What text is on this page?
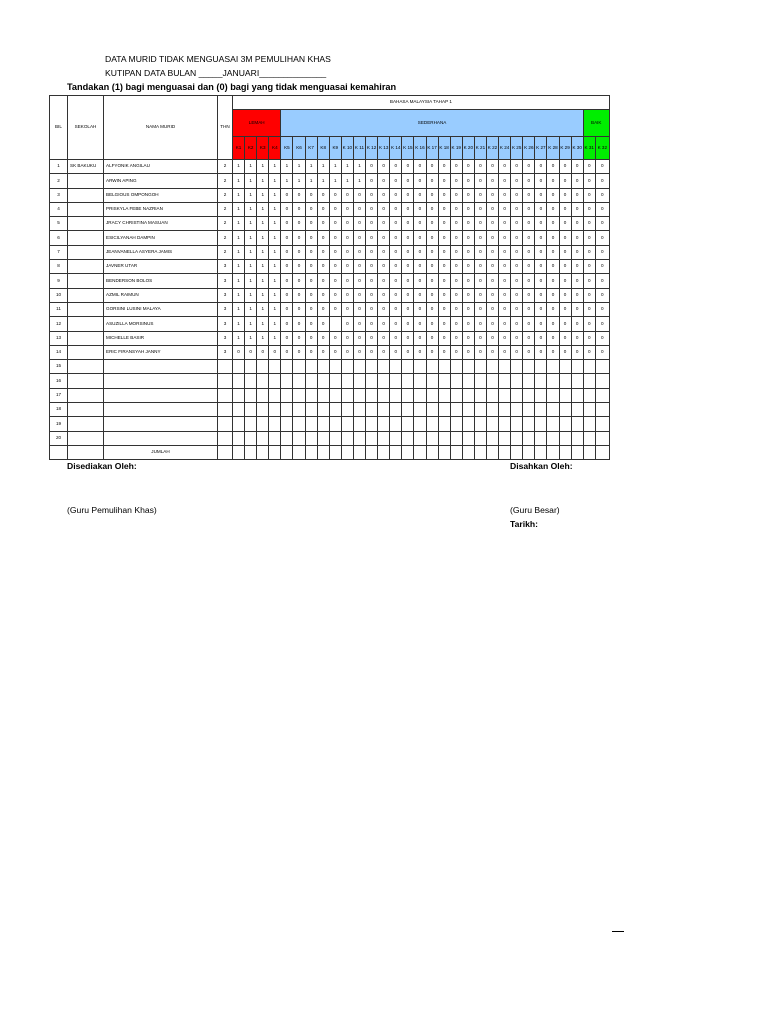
DATA MURID TIDAK MENGUASAI 3M PEMULIHAN KHAS
KUTIPAN DATA BULAN _____JANUARI______________
Tandakan (1) bagi menguasai dan (0) bagi yang tidak menguasai kemahiran
BIL	SEKOLAH	NAMA MURID	THN	BAHASA MALAYSIA TAHAP 1																														
				LEMAH				SEDERHANA																									BAIK	
				K1	K2	K3	K4	K5	K6	K7	K8	K9	K 10	K 11	K 12	K 13	K 14	K 15	K 16	K 17	K 18	K 19	K 20	K 21	K 22	K 24	K 25	K 26	K 27	K 28	K 29	K 30	K 31	K 32
1	SK BAKUKU	ALFYONIK ANGILAU	2	1	1	1	1	1	1	1	1	1	1	1	0	0	0	0	0	0	0	0	0	0	0	0	0	0	0	0	0	0	0	0
2		ARWIN APING	2	1	1	1	1	1	1	1	1	1	1	1	0	0	0	0	0	0	0	0	0	0	0	0	0	0	0	0	0	0	0	0
3		BELGIOUS OMPONGOH	2	1	1	1	1	0	0	0	0	0	0	0	0	0	0	0	0	0	0	0	0	0	0	0	0	0	0	0	0	0	0	0
4		PRISKYLA FEBE NAZRIAN	2	1	1	1	1	0	0	0	0	0	0	0	0	0	0	0	0	0	0	0	0	0	0	0	0	0	0	0	0	0	0	0
5		JRACY CHRISTINA MASUAN	2	1	1	1	1	0	0	0	0	0	0	0	0	0	0	0	0	0	0	0	0	0	0	0	0	0	0	0	0	0	0	0
6		ESICILYANAH DAMPIN	2	1	1	1	1	0	0	0	0	0	0	0	0	0	0	0	0	0	0	0	0	0	0	0	0	0	0	0	0	0	0	0
7		JEANVANELLA ASYERA JAMIS	2	1	1	1	1	0	0	0	0	0	0	0	0	0	0	0	0	0	0	0	0	0	0	0	0	0	0	0	0	0	0	0
8		JAVNER UTAR	3	1	1	1	1	0	0	0	0	0	0	0	0	0	0	0	0	0	0	0	0	0	0	0	0	0	0	0	0	0	0	0
9		BENDERSON BOLOS	3	1	1	1	1	0	0	0	0	0	0	0	0	0	0	0	0	0	0	0	0	0	0	0	0	0	0	0	0	0	0	0
10		AZMIL RAIMUN	3	1	1	1	1	0	0	0	0	0	0	0	0	0	0	0	0	0	0	0	0	0	0	0	0	0	0	0	0	0	0	0
11		GORSINI LUSINI MALAYA	3	1	1	1	1	0	0	0	0	0	0	0	0	0	0	0	0	0	0	0	0	0	0	0	0	0	0	0	0	0	0	0
12		ASUZILLA MORSINUS	3	1	1	1	1	0	0	0	0		0	0	0	0	0	0	0	0	0	0	0	0	0	0	0	0	0	0	0	0	0	0
13		MICHELLE BASIR	3	1	1	1	1	0	0	0	0	0	0	0	0	0	0	0	0	0	0	0	0	0	0	0	0	0	0	0	0	0	0	0
14		ERIC FIRANSYAH JANNY	3	0	0	0	0	0	0	0	0	0	0	0	0	0	0	0	0	0	0	0	0	0	0	0	0	0	0	0	0	0	0	0
15																																		
16																																		
17																																		
18																																		
19																																		
20																																		
		JUMLAH																																
Disediakan Oleh:	Disahkan Oleh:
(Guru Pemulihan Khas)	(Guru Besar)
Tarikh:
